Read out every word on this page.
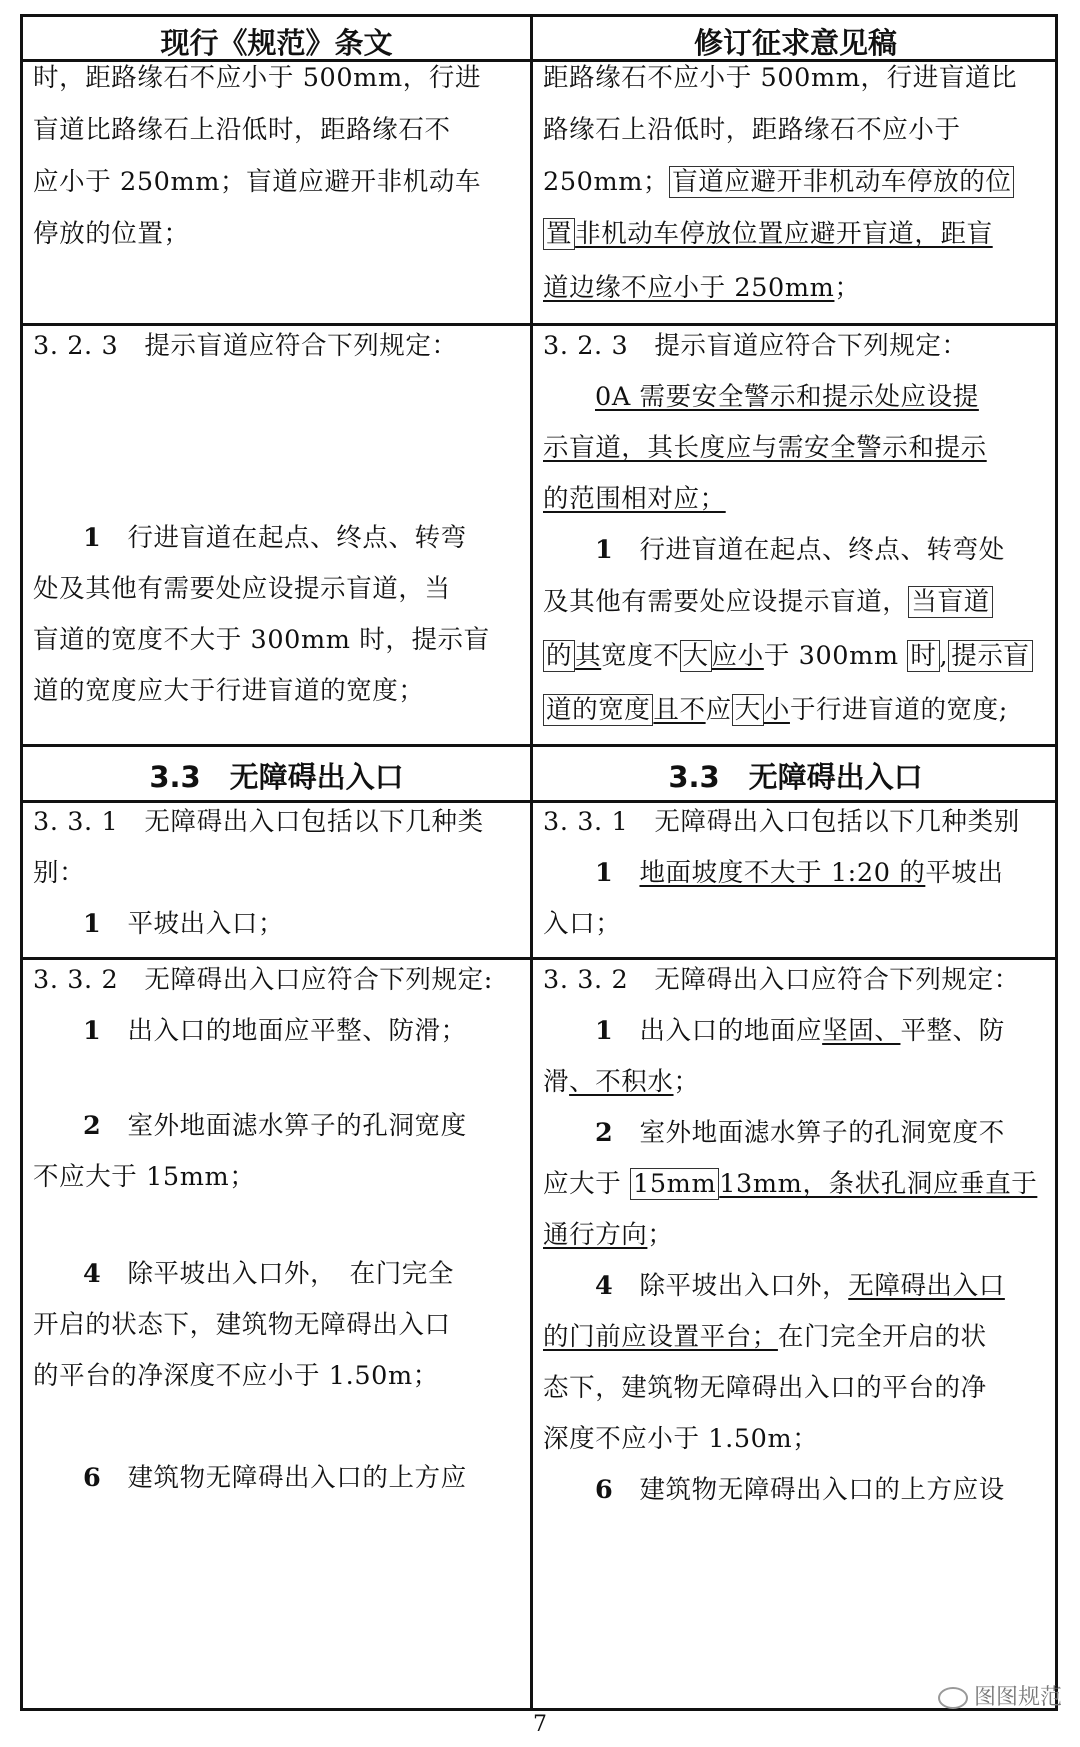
现行《规范》条文	修订征求意见稿
时，距路缘石不应小于 500mm，行进
盲道比路缘石上沿低时，距路缘石不
应小于 250mm；盲道应避开非机动车
停放的位置；
距路缘石不应小于 500mm，行进盲道比
路缘石上沿低时，距路缘石不应小于
250mm； 盲道应避开非机动车停放的位
置 非机动车停放位置应避开盲道，距盲
道边缘不应小于 250mm；
3. 2. 3　提示盲道应符合下列规定：
1　行进盲道在起点、终点、转弯
处及其他有需要处应设提示盲道，当
盲道的宽度不大于 300mm 时，提示盲
道的宽度应大于行进盲道的宽度；
3. 2. 3　提示盲道应符合下列规定：
0A 需要安全警示和提示处应设提
示盲道，其长度应与需安全警示和提示
的范围相对应；
1　行进盲道在起点、终点、转弯处
及其他有需要处应设提示盲道， 当盲道
的 其宽度不 大 应小于 300mm 时 , 提示盲
道的宽度 且不应 大 小于行进盲道的宽度;
3.3　无障碍出入口	3.3　无障碍出入口
3. 3. 1　无障碍出入口包括以下几种类
别：
1　平坡出入口；
3. 3. 1　无障碍出入口包括以下几种类别
1　 地面坡度不大于 1:20 的平坡出
入口；
3. 3. 2　无障碍出入口应符合下列规定:
1　出入口的地面应平整、防滑；
2　室外地面滤水箅子的孔洞宽度
不应大于 15mm；
4　除平坡出入口外，　在门完全
开启的状态下，建筑物无障碍出入口
的平台的净深度不应小于 1.50m；
6　建筑物无障碍出入口的上方应
3. 3. 2　无障碍出入口应符合下列规定：
1　出入口的地面应坚固、平整、防
滑、不积水；
2　室外地面滤水箅子的孔洞宽度不
应大于 15mm 13mm，条状孔洞应垂直于
通行方向；
4　除平坡出入口外，无障碍出入口
的门前应设置平台；在门完全开启的状
态下，建筑物无障碍出入口的平台的净
深度不应小于 1.50m；
6　建筑物无障碍出入口的上方应设
图图规范
7
